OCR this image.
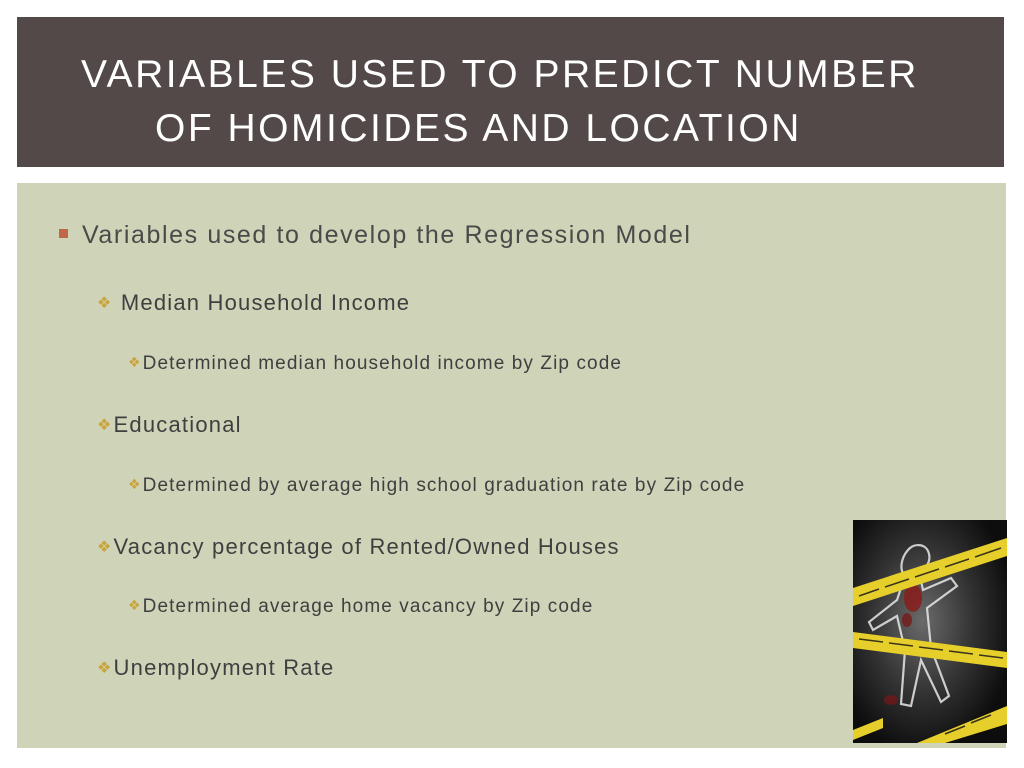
VARIABLES USED TO PREDICT NUMBER
OF HOMICIDES AND LOCATION
Variables used to develop the Regression Model
❖ Median Household Income
❖Determined median household income by Zip code
❖Educational
❖Determined by average high school graduation rate by Zip code
❖Vacancy percentage of Rented/Owned Houses
❖Determined average home vacancy by Zip code
❖Unemployment Rate
